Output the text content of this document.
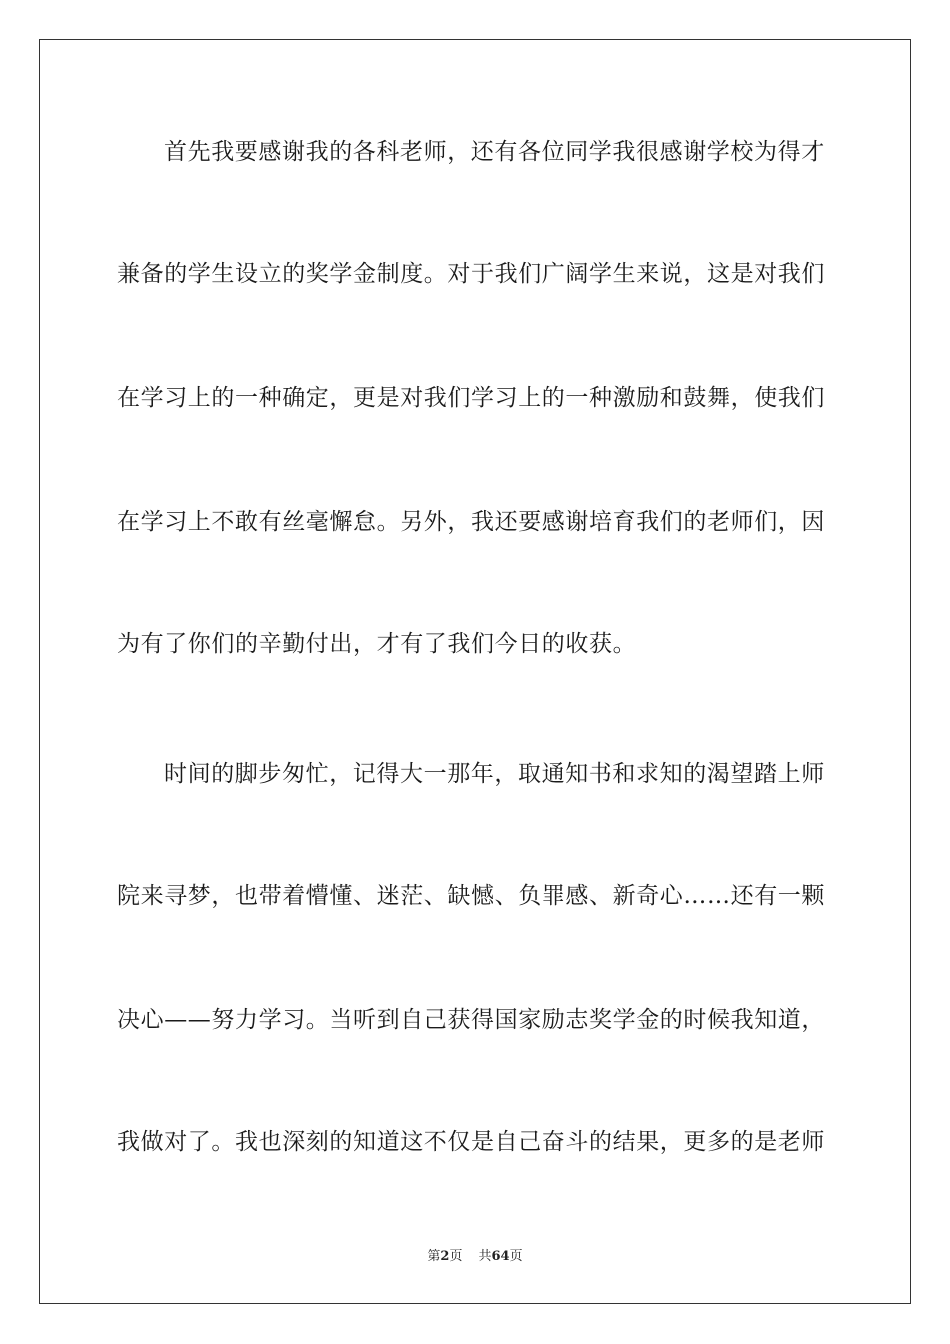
首先我要感谢我的各科老师，还有各位同学我很感谢学校为得才
兼备的学生设立的奖学金制度。对于我们广阔学生来说，这是对我们
在学习上的一种确定，更是对我们学习上的一种激励和鼓舞，使我们
在学习上不敢有丝毫懈怠。另外，我还要感谢培育我们的老师们，因
为有了你们的辛勤付出，才有了我们今日的收获。
时间的脚步匆忙，记得大一那年，取通知书和求知的渴望踏上师
院来寻梦，也带着懵懂、迷茫、缺憾、负罪感、新奇心……还有一颗
决心——努力学习。当听到自己获得国家励志奖学金的时候我知道，
我做对了。我也深刻的知道这不仅是自己奋斗的结果，更多的是老师
第2页 共64页
